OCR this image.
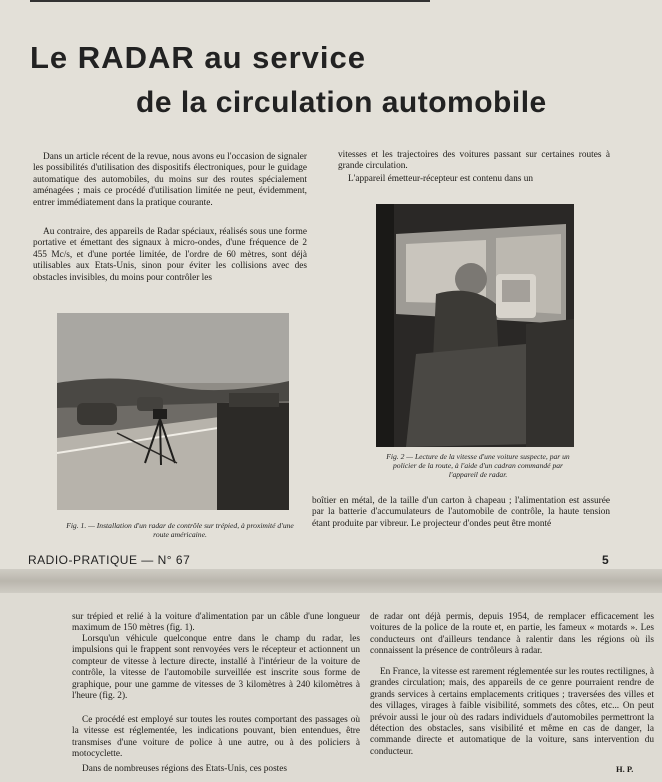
Le RADAR au service
de la circulation automobile

Dans un article récent de la revue, nous avons eu l'occasion de signaler les possibilités d'utilisation des dispositifs électroniques, pour le guidage automatique des automobiles, du moins sur des routes spécialement aménagées ; mais ce procédé d'utilisation limitée ne peut, évidemment, entrer immédiatement dans la pratique courante.

Au contraire, des appareils de Radar spéciaux, réalisés sous une forme portative et émettant des signaux à micro-ondes, d'une fréquence de 2 455 Mc/s, et d'une portée limitée, de l'ordre de 60 mètres, sont déjà utilisables aux Etats-Unis, sinon pour éviter les collisions avec des obstacles invisibles, du moins pour contrôler les

vitesses et les trajectoires des voitures passant sur certaines routes à grande circulation.

L'appareil émetteur-récepteur est contenu dans un

Fig. 1. — Installation d'un radar de contrôle sur trépied, à proximité d'une route américaine.

Fig. 2 — Lecture de la vitesse d'une voiture suspecte, par un policier de la route, à l'aide d'un cadran commandé par l'appareil de radar.

boîtier en métal, de la taille d'un carton à chapeau ; l'alimentation est assurée par la batterie d'accumulateurs de l'automobile de contrôle, la haute tension étant produite par vibreur. Le projecteur d'ondes peut être monté

RADIO-PRATIQUE — N° 67	5

sur trépied et relié à la voiture d'alimentation par un câble d'une longueur maximum de 150 mètres (fig. 1).

Lorsqu'un véhicule quelconque entre dans le champ du radar, les impulsions qui le frappent sont renvoyées vers le récepteur et actionnent un compteur de vitesse à lecture directe, installé à l'intérieur de la voiture de contrôle, la vitesse de l'automobile surveillée est inscrite sous forme de graphique, pour une gamme de vitesses de 3 kilomètres à 240 kilomètres à l'heure (fig. 2).

Ce procédé est employé sur toutes les routes comportant des passages où la vitesse est réglementée, les indications pouvant, bien entendues, être transmises d'une voiture de police à une autre, ou à des policiers à motocyclette.

Dans de nombreuses régions des Etats-Unis, ces postes

de radar ont déjà permis, depuis 1954, de remplacer efficacement les voitures de la police de la route et, en partie, les fameux « motards ». Les conducteurs ont d'ailleurs tendance à ralentir dans les régions où ils connaissent la présence de contrôleurs à radar.

En France, la vitesse est rarement réglementée sur les routes rectilignes, à grandes circulation; mais, des appareils de ce genre pourraient rendre de grands services à certains emplacements critiques ; traversées des villes et des villages, virages à faible visibilité, sommets des côtes, etc... On peut prévoir aussi le jour où des radars individuels d'automobiles permettront la détection des obstacles, sans visibilité et même en cas de danger, la commande directe et automatique de la voiture, sans intervention du conducteur.

H. P.
